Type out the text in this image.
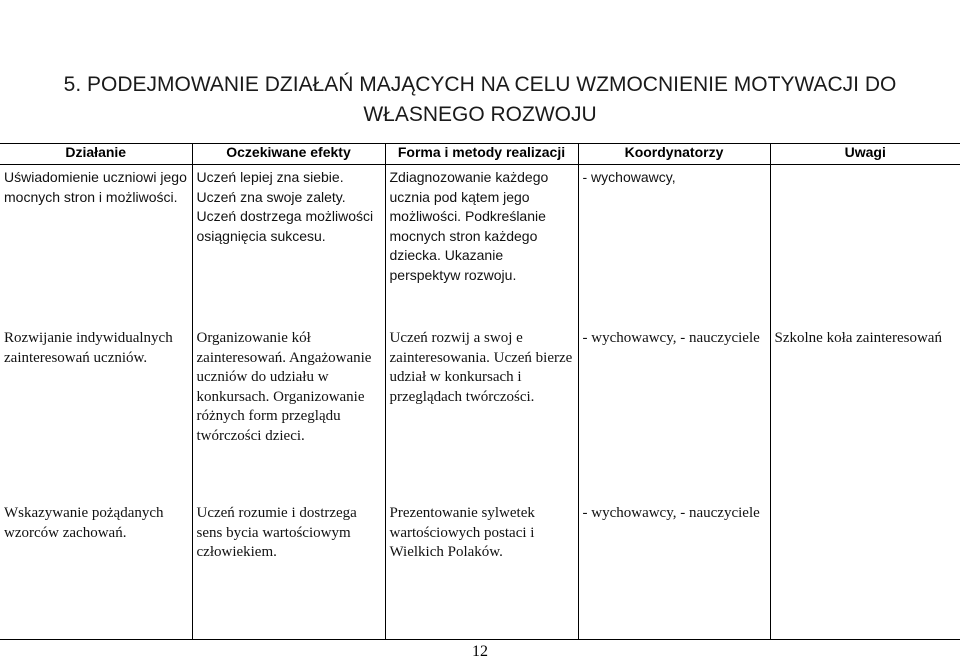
5. PODEJMOWANIE DZIAŁAŃ MAJĄCYCH NA CELU WZMOCNIENIE MOTYWACJI DO
WŁASNEGO ROZWOJU
Działanie	Oczekiwane efekty	Forma i metody realizacji	Koordynatorzy	Uwagi
Uświadomienie uczniowi jego mocnych stron i możliwości.	Uczeń lepiej zna siebie. Uczeń zna swoje zalety. Uczeń dostrzega możliwości osiągnięcia sukcesu.	Zdiagnozowanie każdego ucznia pod kątem jego możliwości. Podkreślanie mocnych stron każdego dziecka. Ukazanie perspektyw rozwoju.	- wychowawcy,	
Rozwijanie indywidualnych zainteresowań uczniów.	Organizowanie kół zainteresowań. Angażowanie uczniów do udziału w konkursach. Organizowanie różnych form przeglądu twórczości dzieci.	Uczeń rozwij a swoj e zainteresowania. Uczeń bierze udział w konkursach i przeglądach twórczości.	- wychowawcy, - nauczyciele	Szkolne koła zainteresowań
Wskazywanie pożądanych wzorców zachowań.	Uczeń rozumie i dostrzega sens bycia wartościowym człowiekiem.	Prezentowanie sylwetek wartościowych postaci i Wielkich Polaków.	- wychowawcy, - nauczyciele	
12
